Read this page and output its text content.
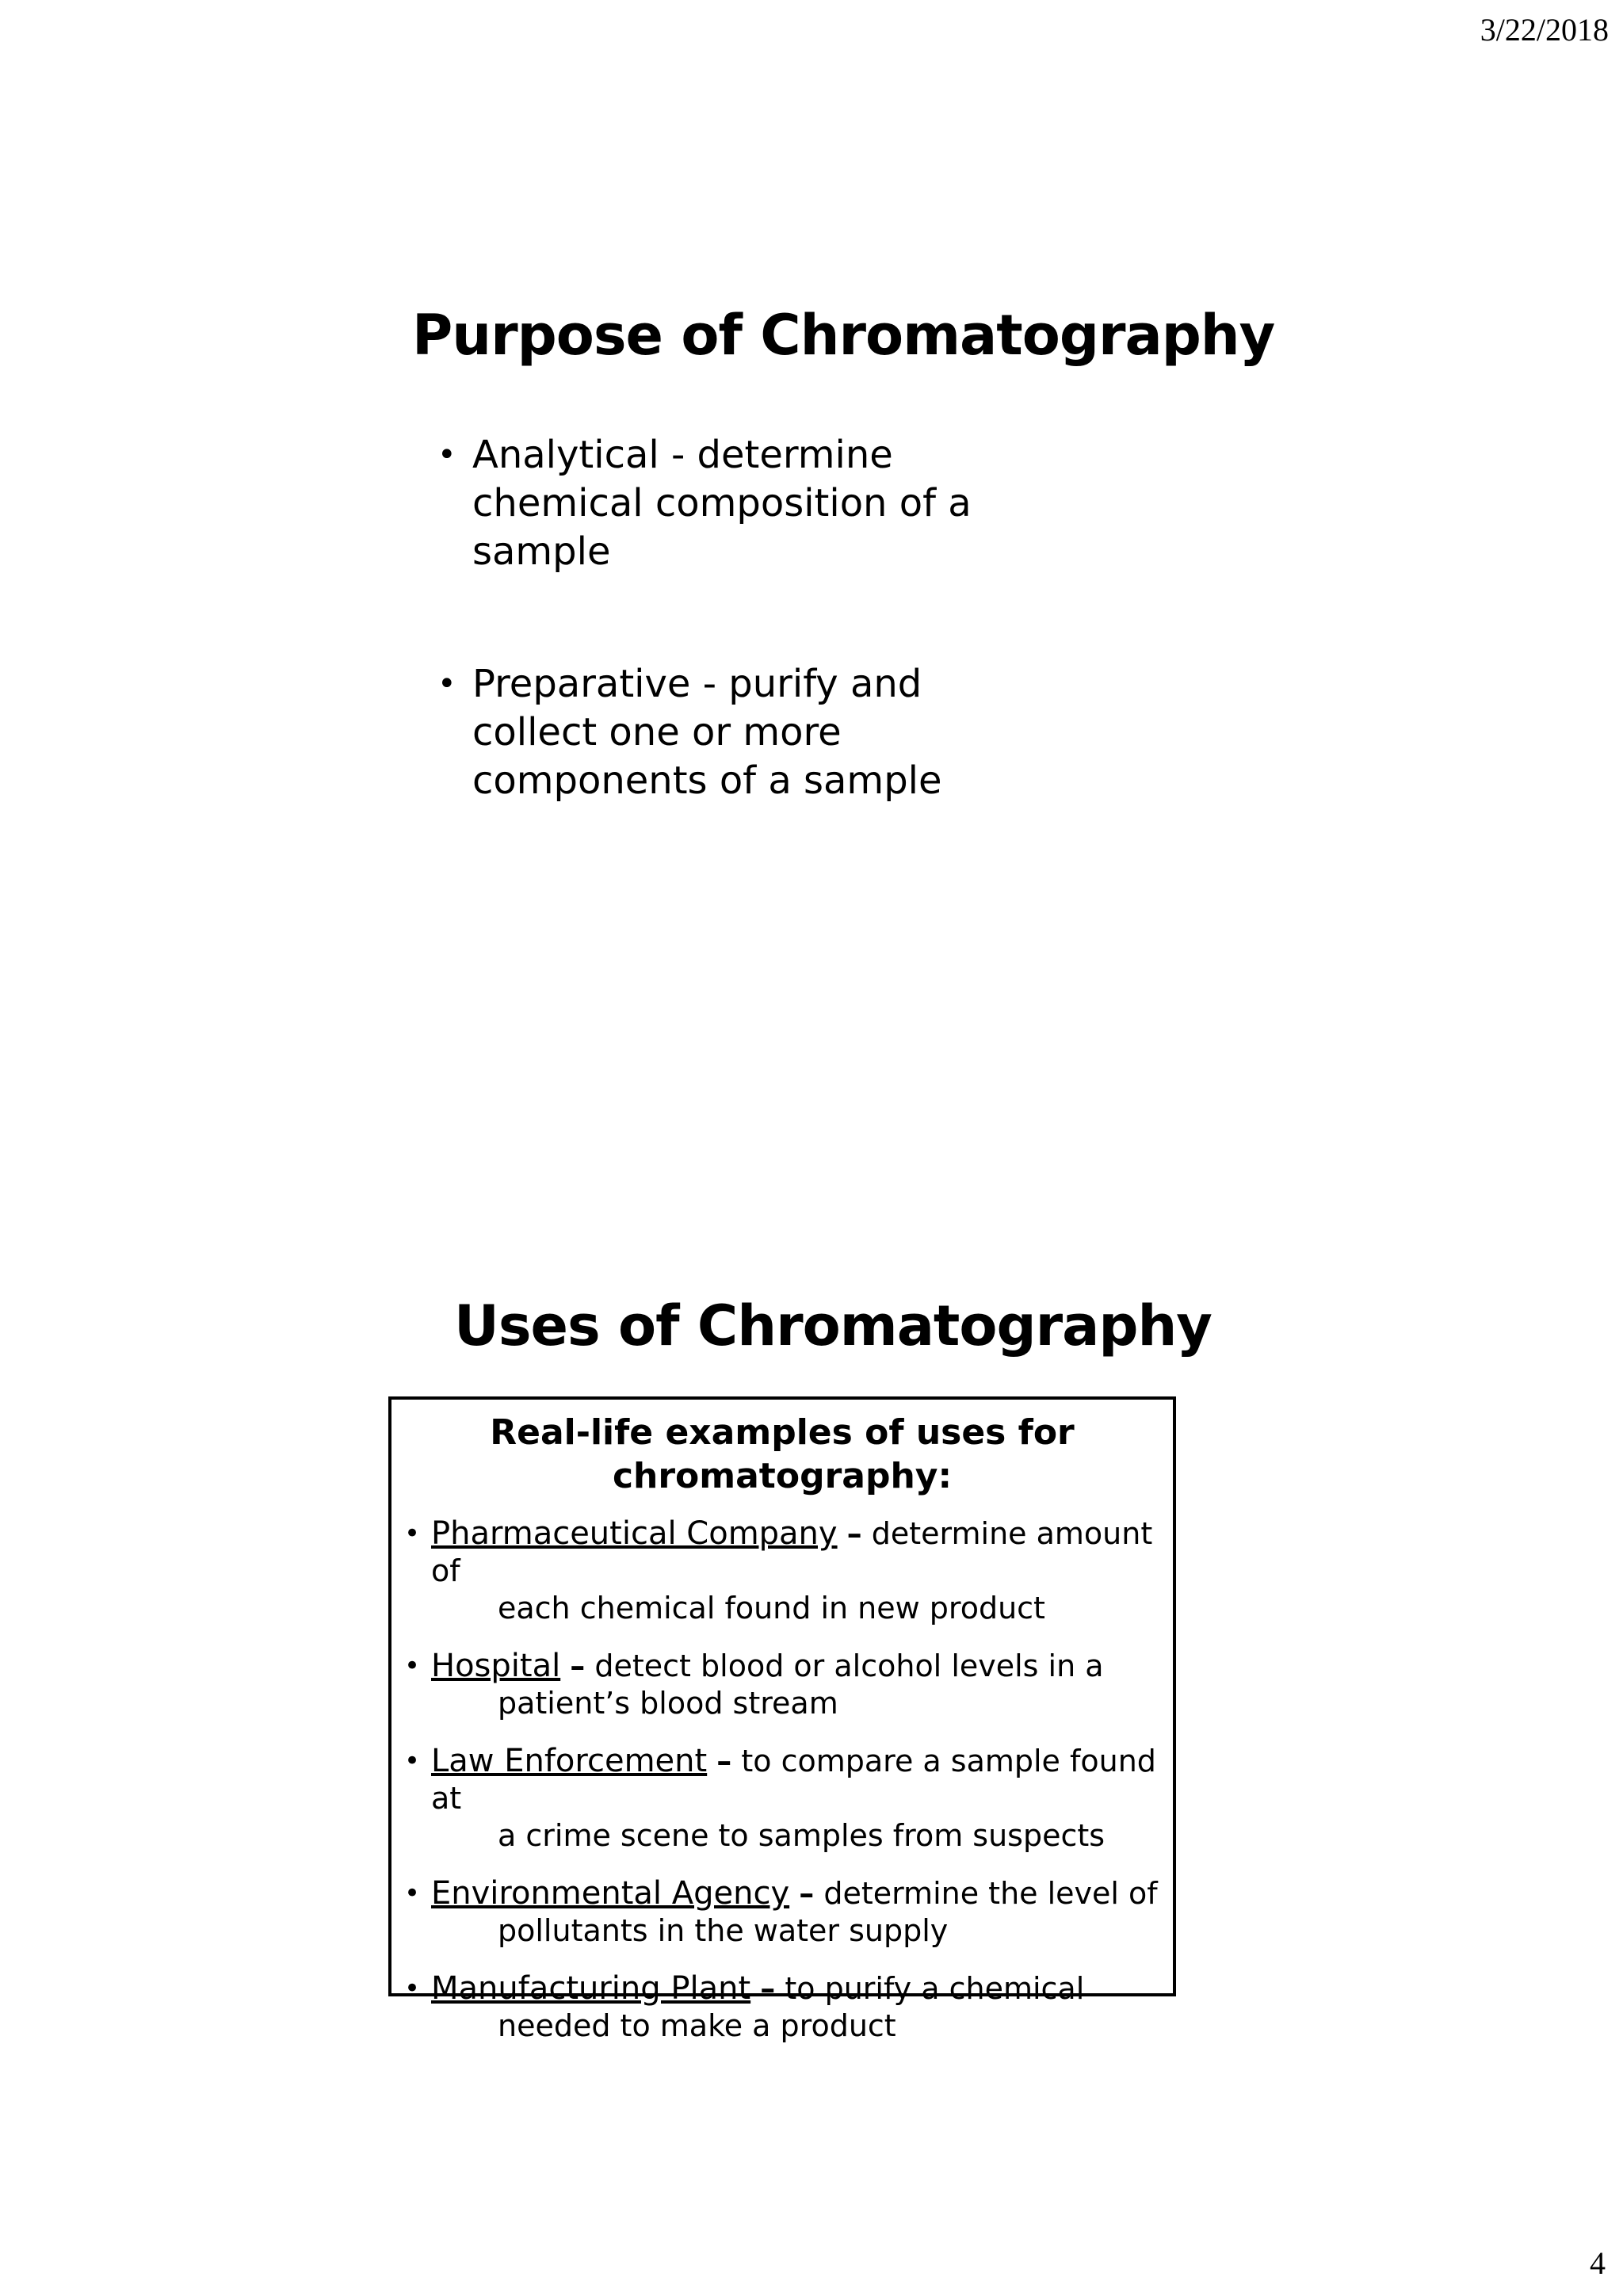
3/22/2018
Purpose of Chromatography
• Analytical - determine
chemical composition of a
sample
• Preparative - purify and
collect one or more
components of a sample
Uses of Chromatography
Real-life examples of uses for
chromatography:
• Pharmaceutical Company – determine amount of
each chemical found in new product
• Hospital – detect blood or alcohol levels in a
patient’s blood stream
• Law Enforcement – to compare a sample found at
a crime scene to samples from suspects
• Environmental Agency – determine the level of
pollutants in the water supply
• Manufacturing Plant – to purify a chemical
needed to make a product
4
